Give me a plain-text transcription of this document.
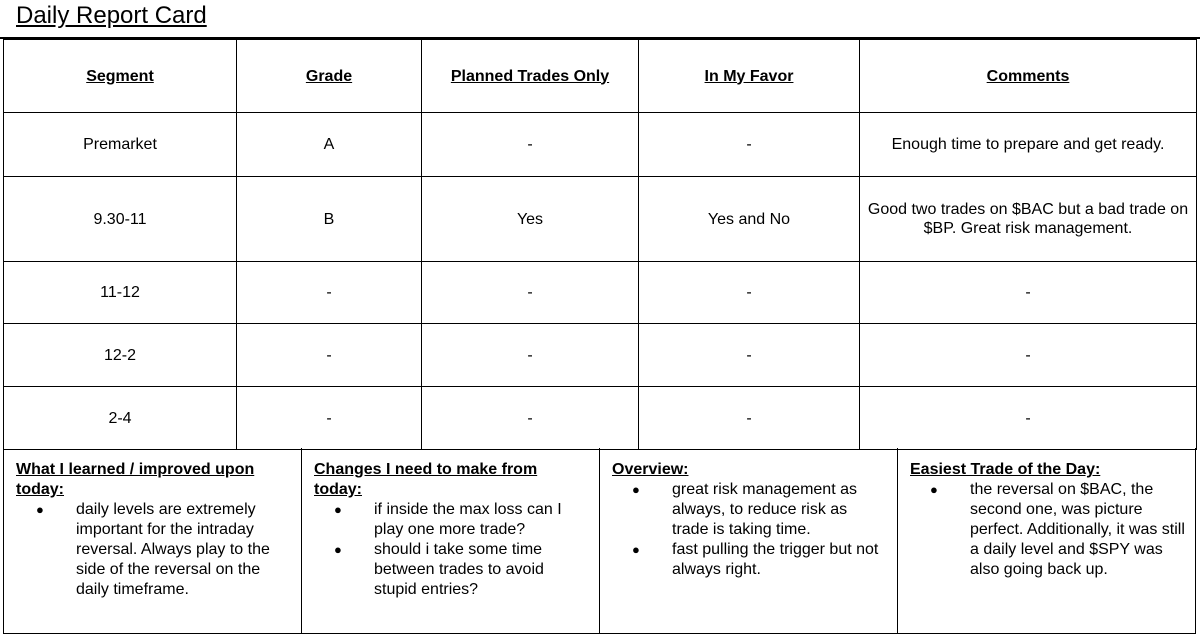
Daily Report Card
Segment	Grade	Planned Trades Only	In My Favor	Comments
Premarket	A	-	-	Enough time to prepare and get ready.
9.30-11	B	Yes	Yes and No	Good two trades on $BAC but a bad trade on $BP. Great risk management.
11-12	-	-	-	-
12-2	-	-	-	-
2-4	-	-	-	-
What I learned / improved upon today:
● daily levels are extremely important for the intraday reversal. Always play to the side of the reversal on the daily timeframe.
Changes I need to make from today:
● if inside the max loss can I play one more trade?
● should i take some time between trades to avoid stupid entries?
Overview:
● great risk management as always, to reduce risk as trade is taking time.
● fast pulling the trigger but not always right.
Easiest Trade of the Day:
● the reversal on $BAC, the second one, was picture perfect. Additionally, it was still a daily level and $SPY was also going back up.
